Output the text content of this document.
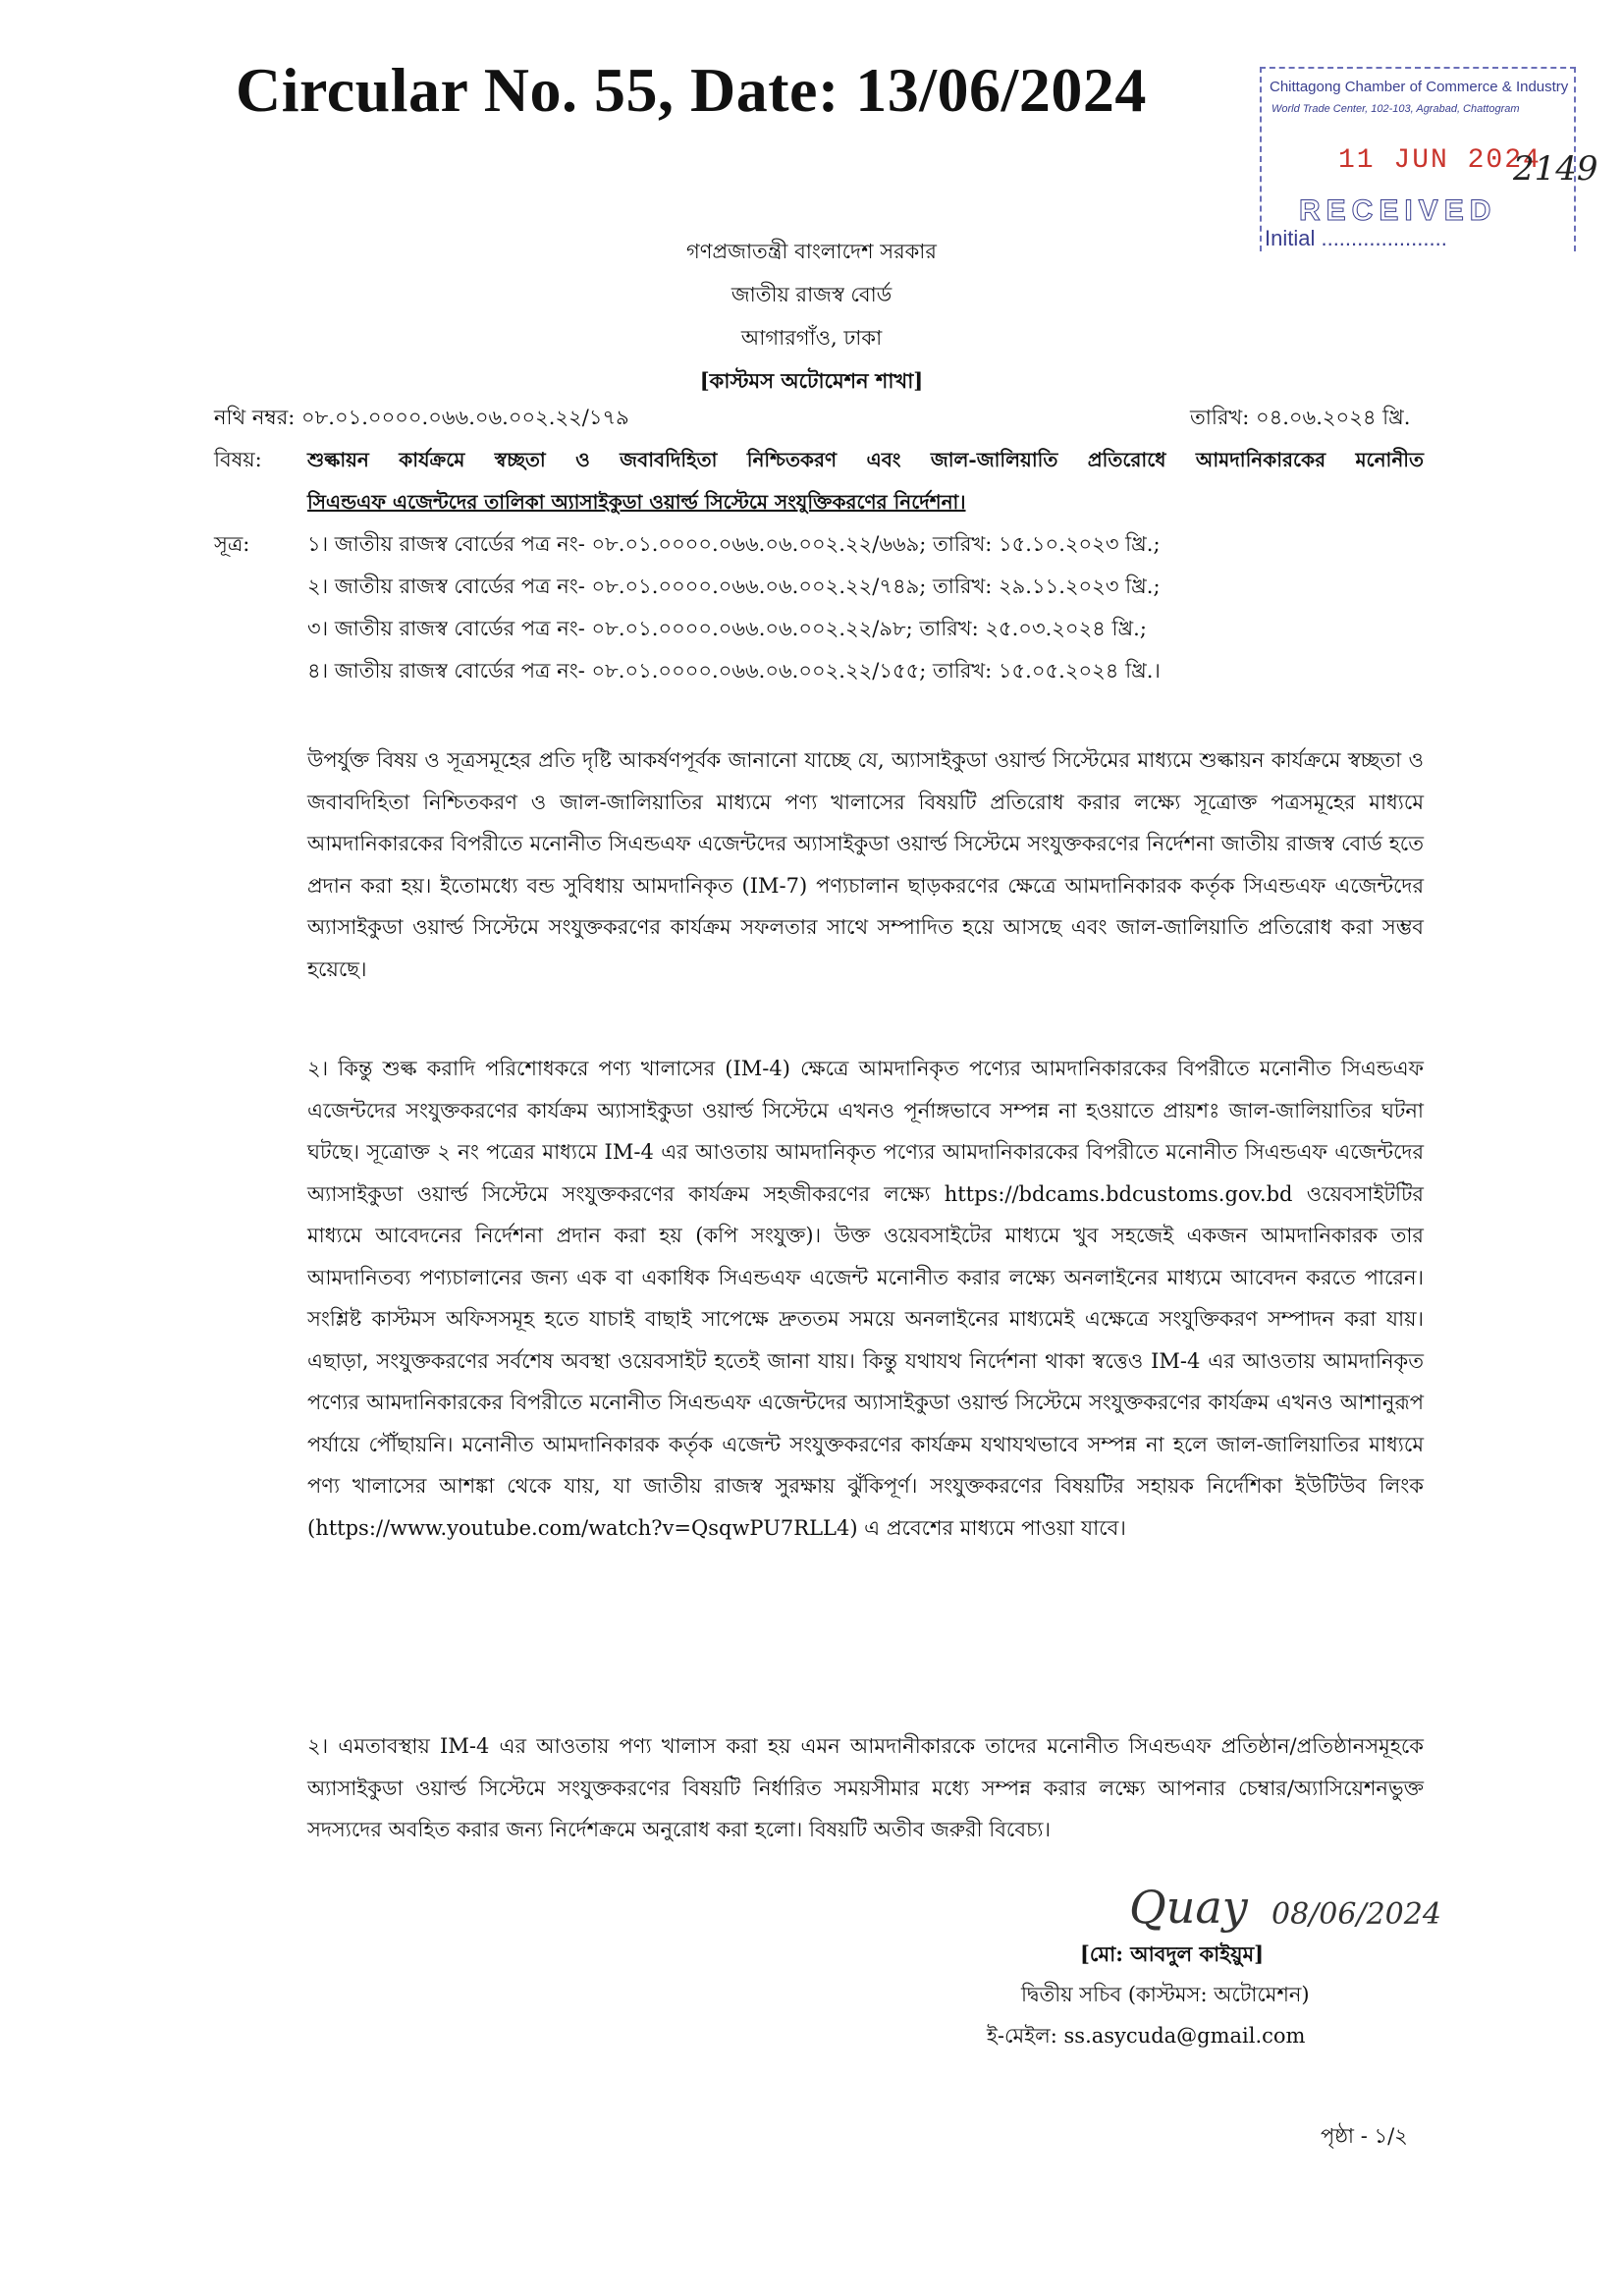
Circular No. 55, Date: 13/06/2024	Chittagong Chamber of Commerce & Industry
World Trade Center, 102-103, Agrabad, Chattogram
11 JUN 2024
2149
RECEIVED
Initial .....................
গণপ্রজাতন্ত্রী বাংলাদেশ সরকার
জাতীয় রাজস্ব বোর্ড
আগারগাঁও, ঢাকা
[কাস্টমস অটোমেশন শাখা]
নথি নম্বর: ০৮.০১.০০০০.০৬৬.০৬.০০২.২২/১৭৯	তারিখ: ০৪.০৬.২০২৪ খ্রি.
বিষয়: শুল্কায়ন কার্যক্রমে স্বচ্ছতা ও জবাবদিহিতা নিশ্চিতকরণ এবং জাল-জালিয়াতি প্রতিরোধে আমদানিকারকের মনোনীত
সিএন্ডএফ এজেন্টদের তালিকা অ্যাসাইকুডা ওয়ার্ল্ড সিস্টেমে সংযুক্তিকরণের নির্দেশনা।
সূত্র:	১। জাতীয় রাজস্ব বোর্ডের পত্র নং- ০৮.০১.০০০০.০৬৬.০৬.০০২.২২/৬৬৯; তারিখ: ১৫.১০.২০২৩ খ্রি.;
২। জাতীয় রাজস্ব বোর্ডের পত্র নং- ০৮.০১.০০০০.০৬৬.০৬.০০২.২২/৭৪৯; তারিখ: ২৯.১১.২০২৩ খ্রি.;
৩। জাতীয় রাজস্ব বোর্ডের পত্র নং- ০৮.০১.০০০০.০৬৬.০৬.০০২.২২/৯৮; তারিখ: ২৫.০৩.২০২৪ খ্রি.;
৪। জাতীয় রাজস্ব বোর্ডের পত্র নং- ০৮.০১.০০০০.০৬৬.০৬.০০২.২২/১৫৫; তারিখ: ১৫.০৫.২০২৪ খ্রি.।

উপর্যুক্ত বিষয় ও সূত্রসমূহের প্রতি দৃষ্টি আকর্ষণপূর্বক জানানো যাচ্ছে যে, অ্যাসাইকুডা ওয়ার্ল্ড সিস্টেমের মাধ্যমে শুল্কায়ন কার্যক্রমে স্বচ্ছতা ও জবাবদিহিতা নিশ্চিতকরণ ও জাল-জালিয়াতির মাধ্যমে পণ্য খালাসের বিষয়টি প্রতিরোধ করার লক্ষ্যে সূত্রোক্ত পত্রসমূহের মাধ্যমে আমদানিকারকের বিপরীতে মনোনীত সিএন্ডএফ এজেন্টদের অ্যাসাইকুডা ওয়ার্ল্ড সিস্টেমে সংযুক্তকরণের নির্দেশনা জাতীয় রাজস্ব বোর্ড হতে প্রদান করা হয়। ইতোমধ্যে বন্ড সুবিধায় আমদানিকৃত (IM-7) পণ্যচালান ছাড়করণের ক্ষেত্রে আমদানিকারক কর্তৃক সিএন্ডএফ এজেন্টদের অ্যাসাইকুডা ওয়ার্ল্ড সিস্টেমে সংযুক্তকরণের কার্যক্রম সফলতার সাথে সম্পাদিত হয়ে আসছে এবং জাল-জালিয়াতি প্রতিরোধ করা সম্ভব হয়েছে।

২। কিন্তু শুল্ক করাদি পরিশোধকরে পণ্য খালাসের (IM-4) ক্ষেত্রে আমদানিকৃত পণ্যের আমদানিকারকের বিপরীতে মনোনীত সিএন্ডএফ এজেন্টদের সংযুক্তকরণের কার্যক্রম অ্যাসাইকুডা ওয়ার্ল্ড সিস্টেমে এখনও পূর্নাঙ্গভাবে সম্পন্ন না হওয়াতে প্রায়শঃ জাল-জালিয়াতির ঘটনা ঘটছে। সূত্রোক্ত ২ নং পত্রের মাধ্যমে IM-4 এর আওতায় আমদানিকৃত পণ্যের আমদানিকারকের বিপরীতে মনোনীত সিএন্ডএফ এজেন্টদের অ্যাসাইকুডা ওয়ার্ল্ড সিস্টেমে সংযুক্তকরণের কার্যক্রম সহজীকরণের লক্ষ্যে https://bdcams.bdcustoms.gov.bd ওয়েবসাইটটির মাধ্যমে আবেদনের নির্দেশনা প্রদান করা হয় (কপি সংযুক্ত)। উক্ত ওয়েবসাইটের মাধ্যমে খুব সহজেই একজন আমদানিকারক তার আমদানিতব্য পণ্যচালানের জন্য এক বা একাধিক সিএন্ডএফ এজেন্ট মনোনীত করার লক্ষ্যে অনলাইনের মাধ্যমে আবেদন করতে পারেন। সংশ্লিষ্ট কাস্টমস অফিসসমূহ হতে যাচাই বাছাই সাপেক্ষে দ্রুততম সময়ে অনলাইনের মাধ্যমেই এক্ষেত্রে সংযুক্তিকরণ সম্পাদন করা যায়। এছাড়া, সংযুক্তকরণের সর্বশেষ অবস্থা ওয়েবসাইট হতেই জানা যায়। কিন্তু যথাযথ নির্দেশনা থাকা স্বত্তেও IM-4 এর আওতায় আমদানিকৃত পণ্যের আমদানিকারকের বিপরীতে মনোনীত সিএন্ডএফ এজেন্টদের অ্যাসাইকুডা ওয়ার্ল্ড সিস্টেমে সংযুক্তকরণের কার্যক্রম এখনও আশানুরূপ পর্যায়ে পৌঁছায়নি। মনোনীত আমদানিকারক কর্তৃক এজেন্ট সংযুক্তকরণের কার্যক্রম যথাযথভাবে সম্পন্ন না হলে জাল-জালিয়াতির মাধ্যমে পণ্য খালাসের আশঙ্কা থেকে যায়, যা জাতীয় রাজস্ব সুরক্ষায় ঝুঁকিপূর্ণ। সংযুক্তকরণের বিষয়টির সহায়ক নির্দেশিকা ইউটিউব লিংক (https://www.youtube.com/watch?v=QsqwPU7RLL4) এ প্রবেশের মাধ্যমে পাওয়া যাবে।

২। এমতাবস্থায় IM-4 এর আওতায় পণ্য খালাস করা হয় এমন আমদানীকারকে তাদের মনোনীত সিএন্ডএফ প্রতিষ্ঠান/প্রতিষ্ঠানসমূহকে অ্যাসাইকুডা ওয়ার্ল্ড সিস্টেমে সংযুক্তকরণের বিষয়টি নির্ধারিত সময়সীমার মধ্যে সম্পন্ন করার লক্ষ্যে আপনার চেম্বার/অ্যাসিয়েশনভুক্ত সদস্যদের অবহিত করার জন্য নির্দেশক্রমে অনুরোধ করা হলো। বিষয়টি অতীব জরুরী বিবেচ্য।

Quay 08/06/2024
[মো: আবদুল কাইয়ুম]
দ্বিতীয় সচিব (কাস্টমস: অটোমেশন)
ই-মেইল: ss.asycuda@gmail.com
পৃষ্ঠা - ১/২
